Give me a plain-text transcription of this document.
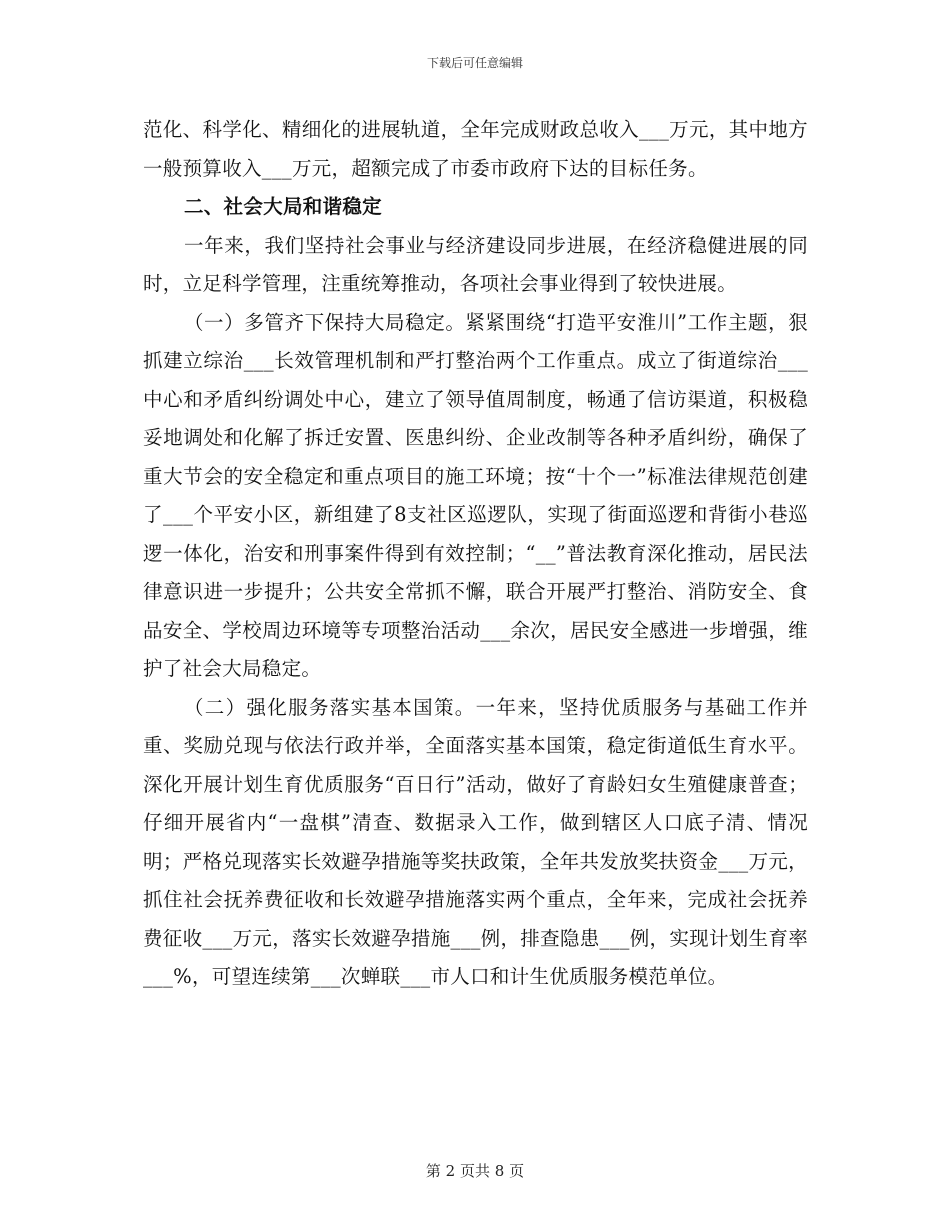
下载后可任意编辑

范化、科学化、精细化的进展轨道，全年完成财政总收入___万元，其中地方一般预算收入___万元，超额完成了市委市政府下达的目标任务。

二、社会大局和谐稳定

一年来，我们坚持社会事业与经济建设同步进展，在经济稳健进展的同时，立足科学管理，注重统筹推动，各项社会事业得到了较快进展。

（一）多管齐下保持大局稳定。紧紧围绕“打造平安淮川”工作主题，狠抓建立综治___长效管理机制和严打整治两个工作重点。成立了街道综治___中心和矛盾纠纷调处中心，建立了领导值周制度，畅通了信访渠道，积极稳妥地调处和化解了拆迁安置、医患纠纷、企业改制等各种矛盾纠纷，确保了重大节会的安全稳定和重点项目的施工环境；按“十个一”标准法律规范创建了___个平安小区，新组建了8支社区巡逻队，实现了街面巡逻和背街小巷巡逻一体化，治安和刑事案件得到有效控制；“__”普法教育深化推动，居民法律意识进一步提升；公共安全常抓不懈，联合开展严打整治、消防安全、食品安全、学校周边环境等专项整治活动___余次，居民安全感进一步增强，维护了社会大局稳定。

（二）强化服务落实基本国策。一年来，坚持优质服务与基础工作并重、奖励兑现与依法行政并举，全面落实基本国策，稳定街道低生育水平。深化开展计划生育优质服务“百日行”活动，做好了育龄妇女生殖健康普查；仔细开展省内“一盘棋”清查、数据录入工作，做到辖区人口底子清、情况明；严格兑现落实长效避孕措施等奖扶政策，全年共发放奖扶资金___万元，抓住社会抚养费征收和长效避孕措施落实两个重点，全年来，完成社会抚养费征收___万元，落实长效避孕措施___例，排查隐患___例，实现计划生育率___%，可望连续第___次蝉联___市人口和计生优质服务模范单位。

第 2 页共 8 页
